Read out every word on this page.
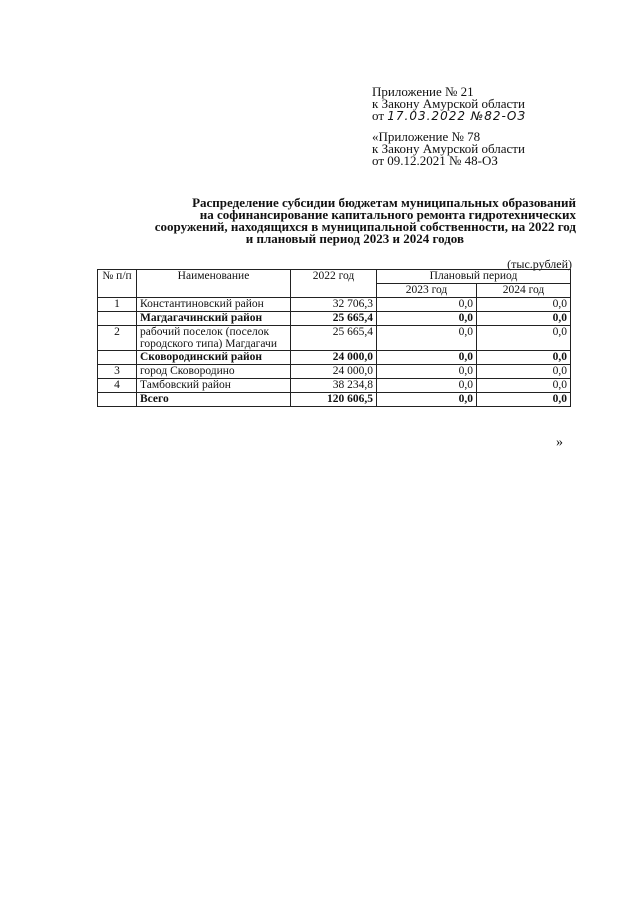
Приложение № 21
к Закону Амурской области
от 17.03.2022 №82-ОЗ
«Приложение № 78
к Закону Амурской области
от 09.12.2021 № 48-ОЗ
Распределение субсидии бюджетам муниципальных образований
на софинансирование капитального ремонта гидротехнических
сооружений, находящихся в муниципальной собственности, на 2022 год
и плановый период 2023 и 2024 годов
(тыс.рублей)
№ п/п	Наименование	2022 год	Плановый период	
			2023 год	2024 год
1	Константиновский район	32 706,3	0,0	0,0
	Магдагачинский район	25 665,4	0,0	0,0
2	рабочий поселок (поселок городского типа) Магдагачи	25 665,4	0,0	0,0
	Сковородинский район	24 000,0	0,0	0,0
3	город Сковородино	24 000,0	0,0	0,0
4	Тамбовский район	38 234,8	0,0	0,0
	Всего	120 606,5	0,0	0,0
»
